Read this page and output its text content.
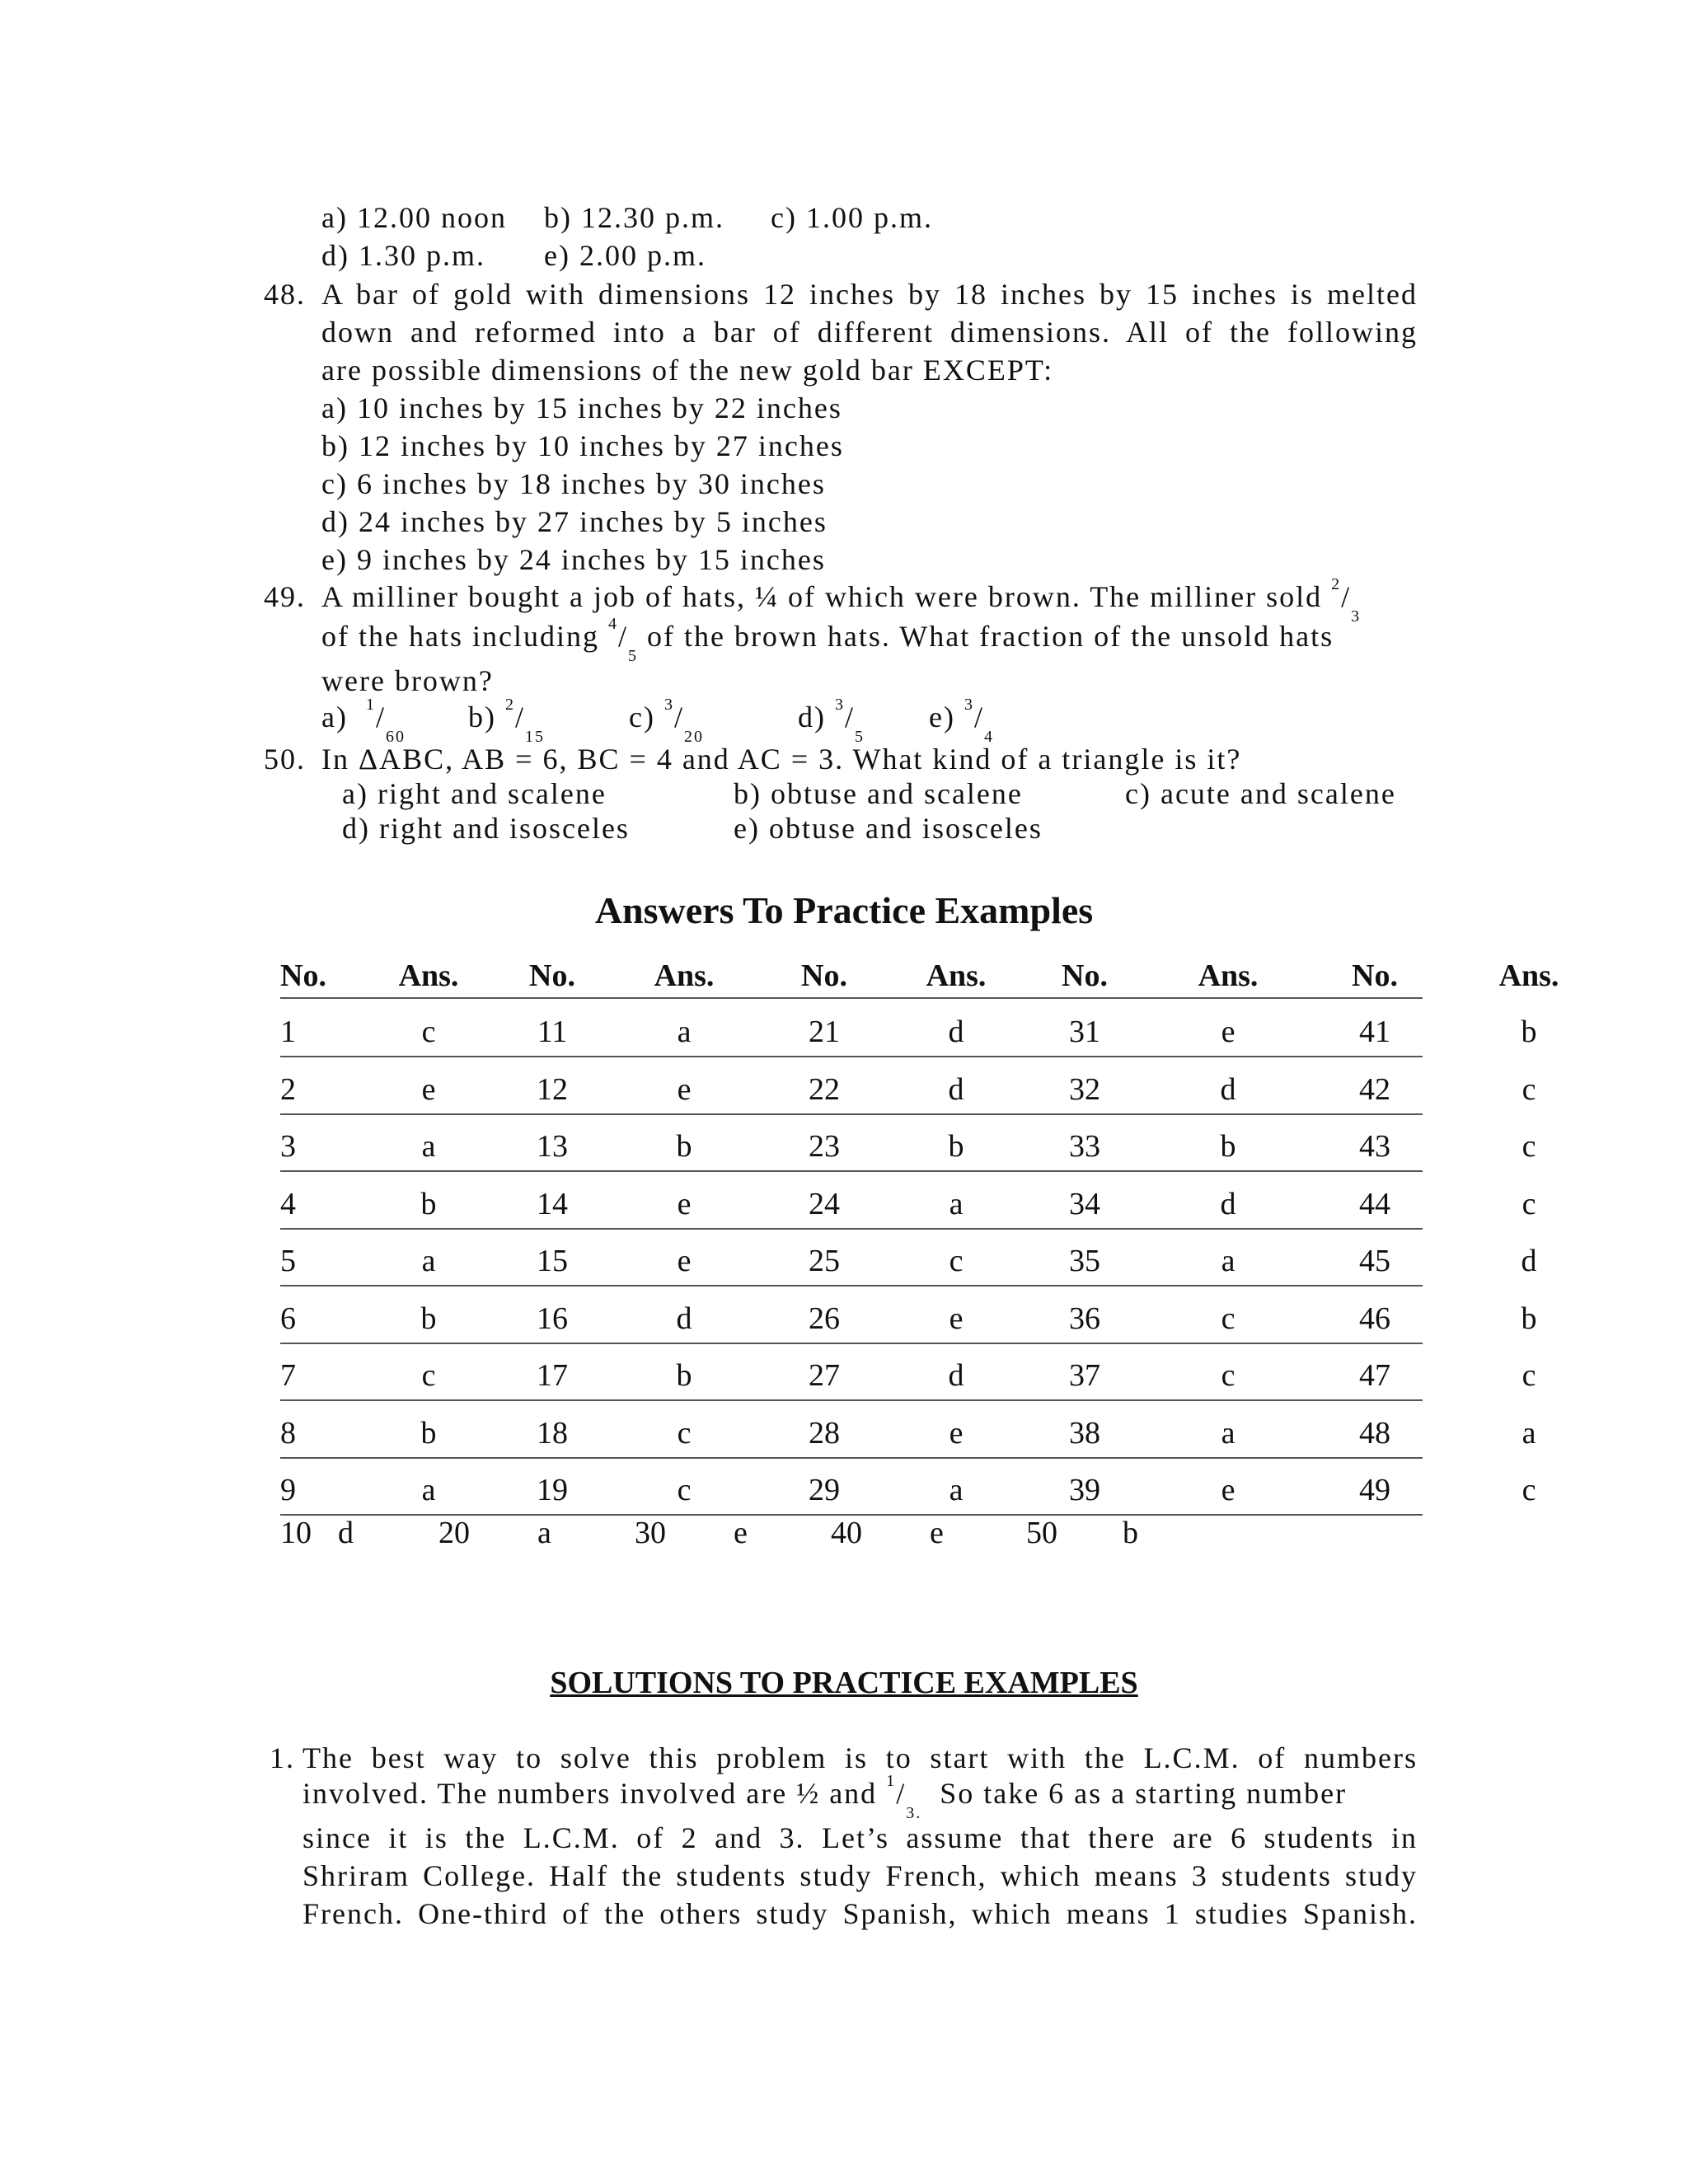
a) 12.00 noon b) 12.30 p.m. c) 1.00 p.m.
d) 1.30 p.m. e) 2.00 p.m.
48. A bar of gold with dimensions 12 inches by 18 inches by 15 inches is melted
down and reformed into a bar of different dimensions. All of the following
are possible dimensions of the new gold bar EXCEPT:
a) 10 inches by 15 inches by 22 inches
b) 12 inches by 10 inches by 27 inches
c) 6 inches by 18 inches by 30 inches
d) 24 inches by 27 inches by 5 inches
e) 9 inches by 24 inches by 15 inches
49. A milliner bought a job of hats, ¼ of which were brown. The milliner sold $^2/_3$
of the hats including $^4/_5$ of the brown hats. What fraction of the unsold hats
were brown?
a) $^1/_{60}$
b) $^2/_{15}$
c) $^3/_{20}$
d) $^3/_5$
e) $^3/_4$
50. In ΔABC, AB = 6, BC = 4 and AC = 3. What kind of a triangle is it?
a) right and scalene	b) obtuse and scalene	c) acute and scalene
d) right and isosceles	e) obtuse and isosceles
Answers To Practice Examples
No. Ans.	No.	Ans.	No.	Ans.	No.	Ans.	No.	Ans.
1	c	11	a	21	d	31	e	41	b
2	e	12	e	22	d	32	d	42	c
3	a	13	b	23	b	33	b	43	c
4	b	14	e	24	a	34	d	44	c
5	a	15	e	25	c	35	a	45	d
6	b	16	d	26	e	36	c	46	b
7	c	17	b	27	d	37	c	47	c
8	b	18	c	28	e	38	a	48	a
9	a	19	c	29	a	39	e	49	c
10 d	20 a	30 e	40 e	50 b
SOLUTIONS TO PRACTICE EXAMPLES
1. The best way to solve this problem is to start with the L.C.M. of numbers
involved. The numbers involved are ½ and $^1/_{3.}$  So take 6 as a starting number
since it is the L.C.M. of 2 and 3. Let’s assume that there are 6 students in
Shriram College. Half the students study French, which means 3 students study
French. One-third of the others study Spanish, which means 1 studies Spanish.
